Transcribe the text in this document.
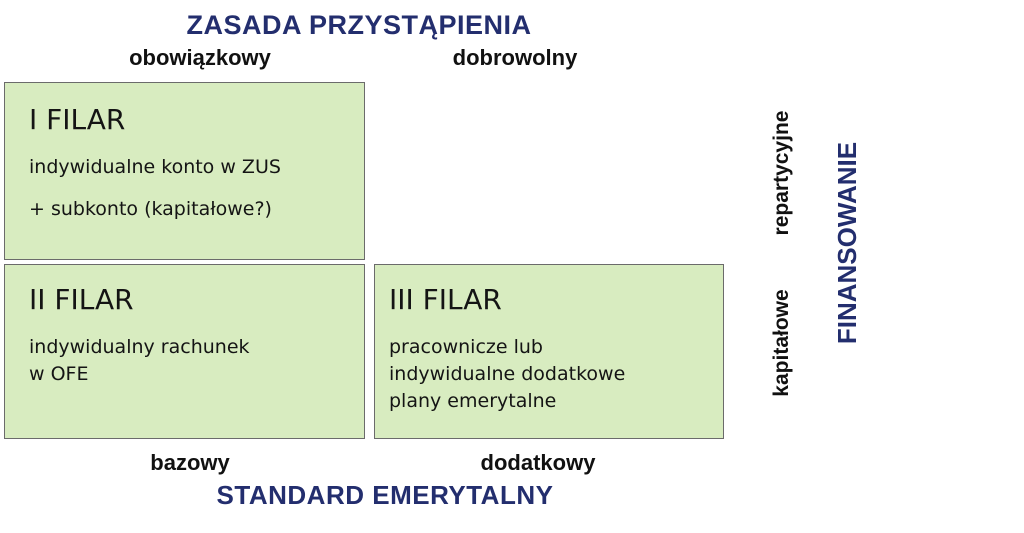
ZASADA PRZYSTĄPIENIA
obowiązkowy	dobrowolny
I FILAR
indywidualne konto w ZUS
+ subkonto (kapitałowe?)
II FILAR
indywidualny rachunek
w OFE
III FILAR
pracownicze lub
indywidualne dodatkowe
plany emerytalne
bazowy	dodatkowy
STANDARD EMERYTALNY
repartycyjne
kapitałowe FINANSOWANIE
